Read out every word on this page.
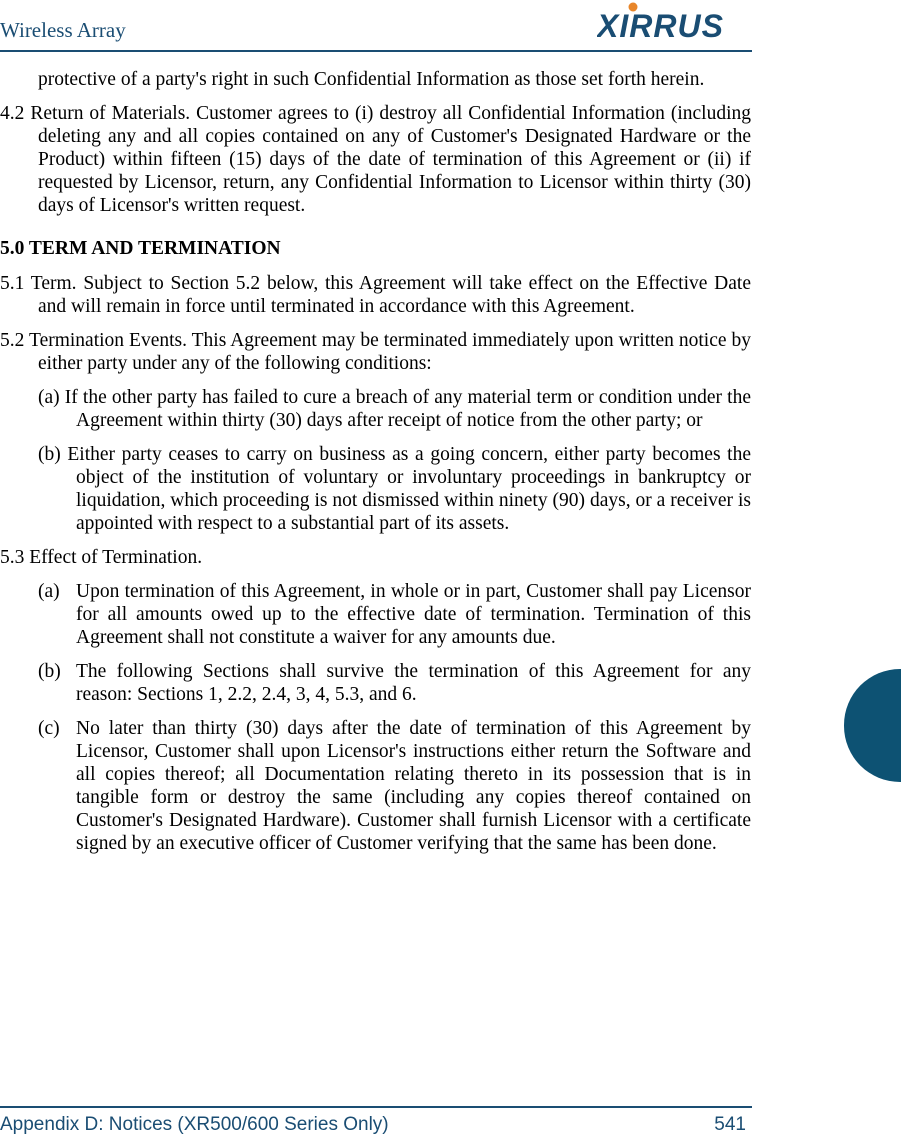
Wireless Array	XIRRUS

protective of a party's right in such Confidential Information as those set forth herein.

4.2 Return of Materials. Customer agrees to (i) destroy all Confidential Information (including deleting any and all copies contained on any of Customer's Designated Hardware or the Product) within fifteen (15) days of the date of termination of this Agreement or (ii) if requested by Licensor, return, any Confidential Information to Licensor within thirty (30) days of Licensor's written request.

5.0 TERM AND TERMINATION

5.1 Term. Subject to Section 5.2 below, this Agreement will take effect on the Effective Date and will remain in force until terminated in accordance with this Agreement.

5.2 Termination Events. This Agreement may be terminated immediately upon written notice by either party under any of the following conditions:

(a) If the other party has failed to cure a breach of any material term or condition under the Agreement within thirty (30) days after receipt of notice from the other party; or

(b) Either party ceases to carry on business as a going concern, either party becomes the object of the institution of voluntary or involuntary proceedings in bankruptcy or liquidation, which proceeding is not dismissed within ninety (90) days, or a receiver is appointed with respect to a substantial part of its assets.

5.3 Effect of Termination.

(a) Upon termination of this Agreement, in whole or in part, Customer shall pay Licensor for all amounts owed up to the effective date of termination. Termination of this Agreement shall not constitute a waiver for any amounts due.
(b) The following Sections shall survive the termination of this Agreement for any reason: Sections 1, 2.2, 2.4, 3, 4, 5.3, and 6.
(c) No later than thirty (30) days after the date of termination of this Agreement by Licensor, Customer shall upon Licensor's instructions either return the Software and all copies thereof; all Documentation relating thereto in its possession that is in tangible form or destroy the same (including any copies thereof contained on Customer's Designated Hardware). Customer shall furnish Licensor with a certificate signed by an executive officer of Customer verifying that the same has been done.
Appendix D: Notices (XR500/600 Series Only)	541
